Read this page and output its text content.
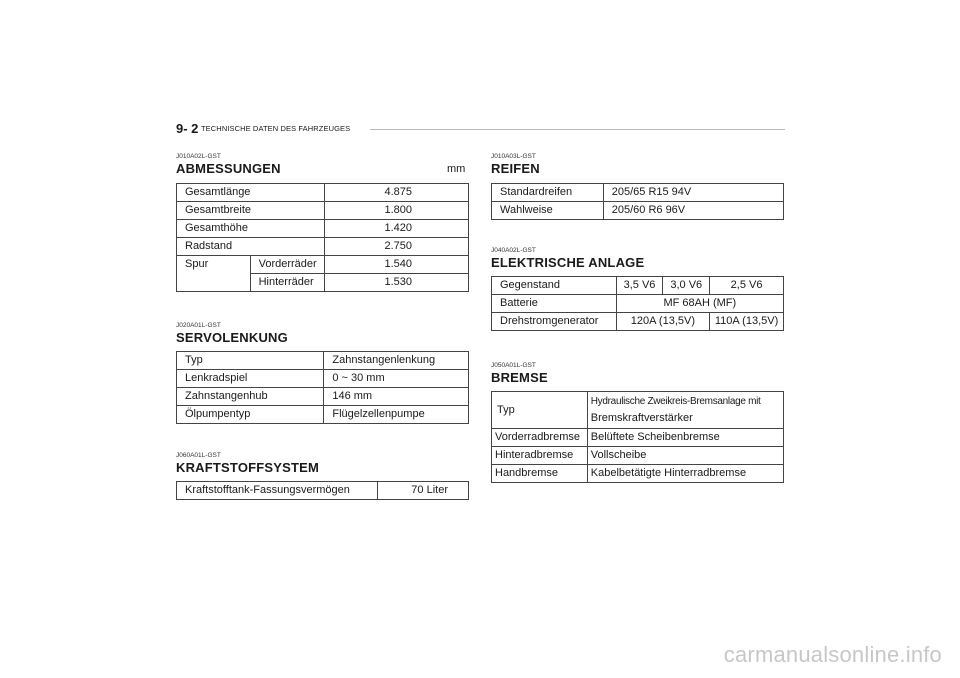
9- 2 TECHNISCHE DATEN DES FAHRZEUGES
J010A02L-GST
ABMESSUNGEN	mm
Gesamtlänge		4.875
Gesamtbreite		1.800
Gesamthöhe		1.420
Radstand		2.750
Spur	Vorderräder	1.540
	Hinterräder	1.530
J020A01L-GST
SERVOLENKUNG
Typ	Zahnstangenlenkung
Lenkradspiel	0 ~ 30 mm
Zahnstangenhub	146 mm
Ölpumpentyp	Flügelzellenpumpe
J060A01L-GST
KRAFTSTOFFSYSTEM
Kraftstofftank-Fassungsvermögen	70 Liter
J010A03L-GST
REIFEN
Standardreifen	205/65 R15 94V
Wahlweise	205/60 R6 96V
J040A02L-GST
ELEKTRISCHE ANLAGE
Gegenstand	3,5 V6	3,0 V6	2,5 V6
Batterie	MF 68AH (MF)		
Drehstromgenerator	120A (13,5V)		110A (13,5V)
J050A01L-GST
BREMSE
Typ	Hydraulische Zweikreis-Bremsanlage mit
Bremskraftverstärker

Vorderradbremse	Belüftete Scheibenbremse
Hinteradbremse	Vollscheibe
Handbremse	Kabelbetätigte Hinterradbremse
carmanualsonline.info
